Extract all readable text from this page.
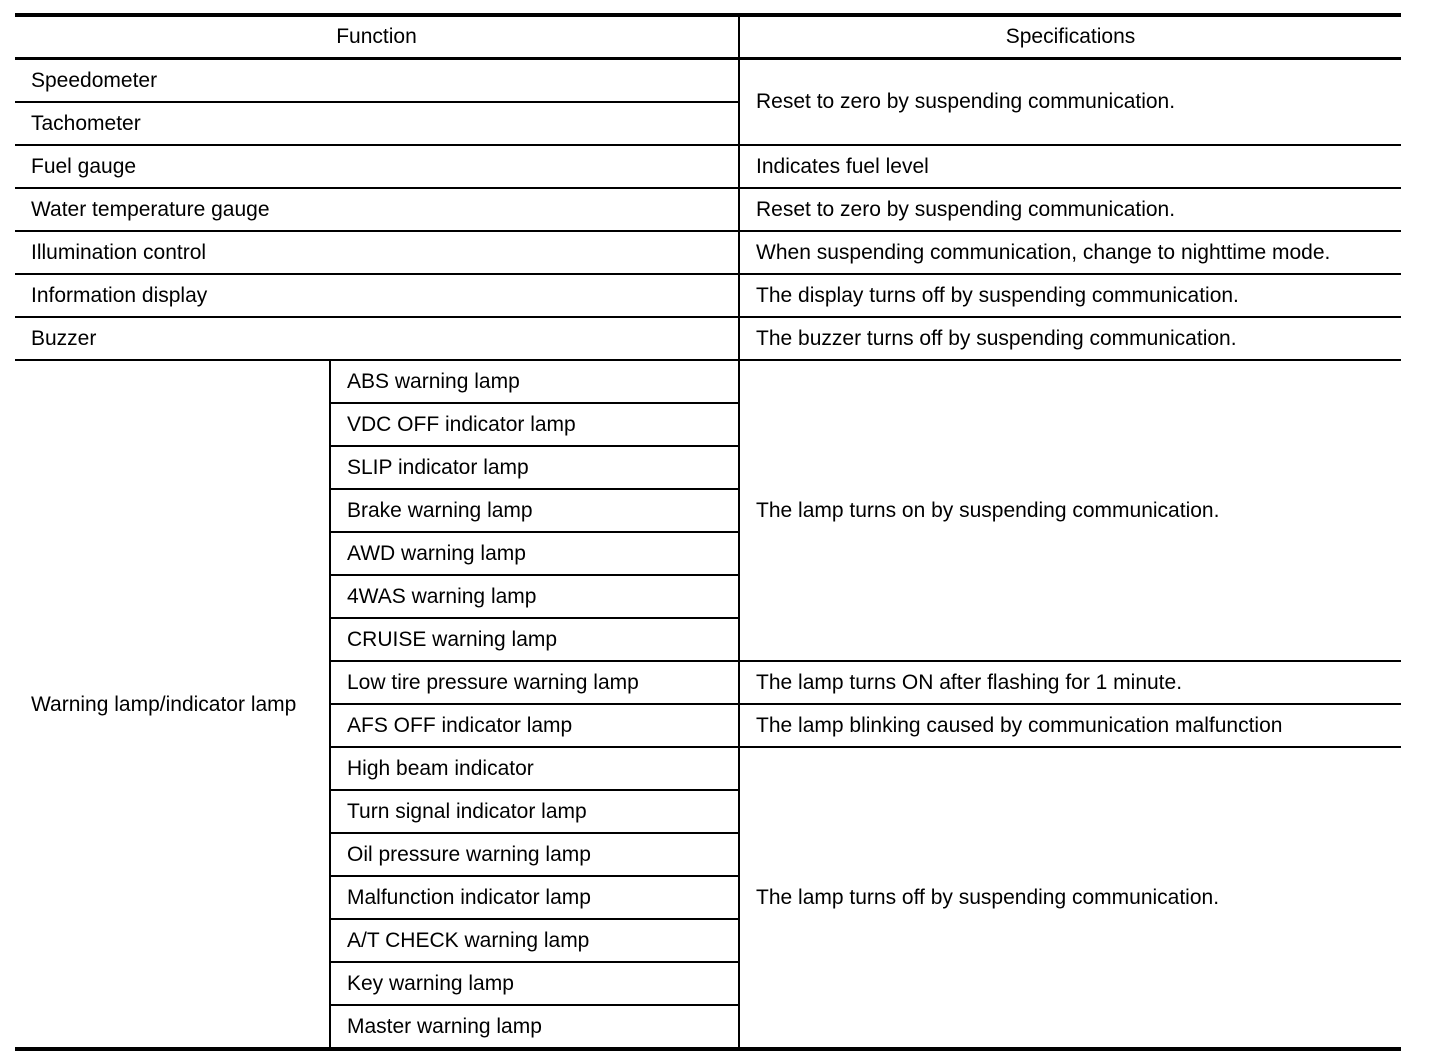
Function		Specifications
Speedometer		Reset to zero by suspending communication.
Tachometer		
Fuel gauge		Indicates fuel level
Water temperature gauge		Reset to zero by suspending communication.
Illumination control		When suspending communication, change to nighttime mode.
Information display		The display turns off by suspending communication.
Buzzer		The buzzer turns off by suspending communication.
Warning lamp/indicator lamp	ABS warning lamp	The lamp turns on by suspending communication.
	VDC OFF indicator lamp	
	SLIP indicator lamp	
	Brake warning lamp	
	AWD warning lamp	
	4WAS warning lamp	
	CRUISE warning lamp	
	Low tire pressure warning lamp	The lamp turns ON after flashing for 1 minute.
	AFS OFF indicator lamp	The lamp blinking caused by communication malfunction
	High beam indicator	The lamp turns off by suspending communication.
	Turn signal indicator lamp	
	Oil pressure warning lamp	
	Malfunction indicator lamp	
	A/T CHECK warning lamp	
	Key warning lamp	
	Master warning lamp	
